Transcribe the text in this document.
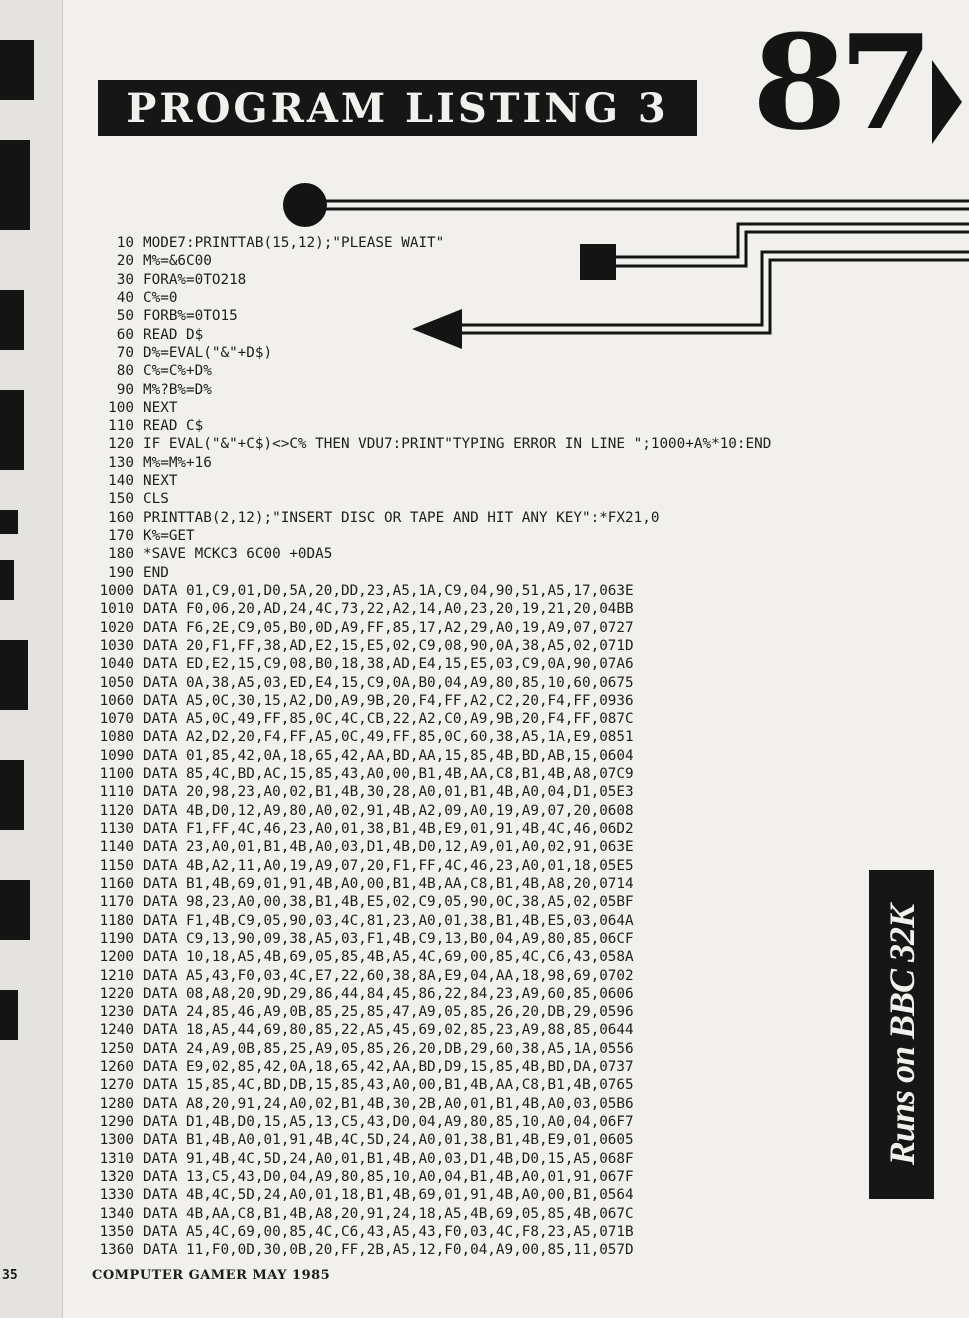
PROGRAM LISTING 3 87
10 MODE7:PRINTTAB(15,12);"PLEASE WAIT"
20 M%=&6C00
30 FORA%=0TO218
40 C%=0
50 FORB%=0TO15
60 READ D$
70 D%=EVAL("&"+D$)
80 C%=C%+D%
90 M%?B%=D%
100 NEXT
110 READ C$
120 IF EVAL("&"+C$)<>C% THEN VDU7:PRINT"TYPING ERROR IN LINE ";1000+A%*10:END
130 M%=M%+16
140 NEXT
150 CLS
160 PRINTTAB(2,12);"INSERT DISC OR TAPE AND HIT ANY KEY":*FX21,0
170 K%=GET
180 *SAVE MCKC3 6C00 +0DA5
190 END
1000 DATA 01,C9,01,D0,5A,20,DD,23,A5,1A,C9,04,90,51,A5,17,063E
1010 DATA F0,06,20,AD,24,4C,73,22,A2,14,A0,23,20,19,21,20,04BB
1020 DATA F6,2E,C9,05,B0,0D,A9,FF,85,17,A2,29,A0,19,A9,07,0727
1030 DATA 20,F1,FF,38,AD,E2,15,E5,02,C9,08,90,0A,38,A5,02,071D
1040 DATA ED,E2,15,C9,08,B0,18,38,AD,E4,15,E5,03,C9,0A,90,07A6
1050 DATA 0A,38,A5,03,ED,E4,15,C9,0A,B0,04,A9,80,85,10,60,0675
1060 DATA A5,0C,30,15,A2,D0,A9,9B,20,F4,FF,A2,C2,20,F4,FF,0936
1070 DATA A5,0C,49,FF,85,0C,4C,CB,22,A2,C0,A9,9B,20,F4,FF,087C
1080 DATA A2,D2,20,F4,FF,A5,0C,49,FF,85,0C,60,38,A5,1A,E9,0851
1090 DATA 01,85,42,0A,18,65,42,AA,BD,AA,15,85,4B,BD,AB,15,0604
1100 DATA 85,4C,BD,AC,15,85,43,A0,00,B1,4B,AA,C8,B1,4B,A8,07C9
1110 DATA 20,98,23,A0,02,B1,4B,30,28,A0,01,B1,4B,A0,04,D1,05E3
1120 DATA 4B,D0,12,A9,80,A0,02,91,4B,A2,09,A0,19,A9,07,20,0608
1130 DATA F1,FF,4C,46,23,A0,01,38,B1,4B,E9,01,91,4B,4C,46,06D2
1140 DATA 23,A0,01,B1,4B,A0,03,D1,4B,D0,12,A9,01,A0,02,91,063E
1150 DATA 4B,A2,11,A0,19,A9,07,20,F1,FF,4C,46,23,A0,01,18,05E5
1160 DATA B1,4B,69,01,91,4B,A0,00,B1,4B,AA,C8,B1,4B,A8,20,0714
1170 DATA 98,23,A0,00,38,B1,4B,E5,02,C9,05,90,0C,38,A5,02,05BF
1180 DATA F1,4B,C9,05,90,03,4C,81,23,A0,01,38,B1,4B,E5,03,064A
1190 DATA C9,13,90,09,38,A5,03,F1,4B,C9,13,B0,04,A9,80,85,06CF
1200 DATA 10,18,A5,4B,69,05,85,4B,A5,4C,69,00,85,4C,C6,43,058A
1210 DATA A5,43,F0,03,4C,E7,22,60,38,8A,E9,04,AA,18,98,69,0702
1220 DATA 08,A8,20,9D,29,86,44,84,45,86,22,84,23,A9,60,85,0606
1230 DATA 24,85,46,A9,0B,85,25,85,47,A9,05,85,26,20,DB,29,0596
1240 DATA 18,A5,44,69,80,85,22,A5,45,69,02,85,23,A9,88,85,0644
1250 DATA 24,A9,0B,85,25,A9,05,85,26,20,DB,29,60,38,A5,1A,0556
1260 DATA E9,02,85,42,0A,18,65,42,AA,BD,D9,15,85,4B,BD,DA,0737
1270 DATA 15,85,4C,BD,DB,15,85,43,A0,00,B1,4B,AA,C8,B1,4B,0765
1280 DATA A8,20,91,24,A0,02,B1,4B,30,2B,A0,01,B1,4B,A0,03,05B6
1290 DATA D1,4B,D0,15,A5,13,C5,43,D0,04,A9,80,85,10,A0,04,06F7
1300 DATA B1,4B,A0,01,91,4B,4C,5D,24,A0,01,38,B1,4B,E9,01,0605
1310 DATA 91,4B,4C,5D,24,A0,01,B1,4B,A0,03,D1,4B,D0,15,A5,068F
1320 DATA 13,C5,43,D0,04,A9,80,85,10,A0,04,B1,4B,A0,01,91,067F
1330 DATA 4B,4C,5D,24,A0,01,18,B1,4B,69,01,91,4B,A0,00,B1,0564
1340 DATA 4B,AA,C8,B1,4B,A8,20,91,24,18,A5,4B,69,05,85,4B,067C
1350 DATA A5,4C,69,00,85,4C,C6,43,A5,43,F0,03,4C,F8,23,A5,071B
1360 DATA 11,F0,0D,30,0B,20,FF,2B,A5,12,F0,04,A9,00,85,11,057D
Runs on BBC 32K
35	COMPUTER GAMER MAY 1985
